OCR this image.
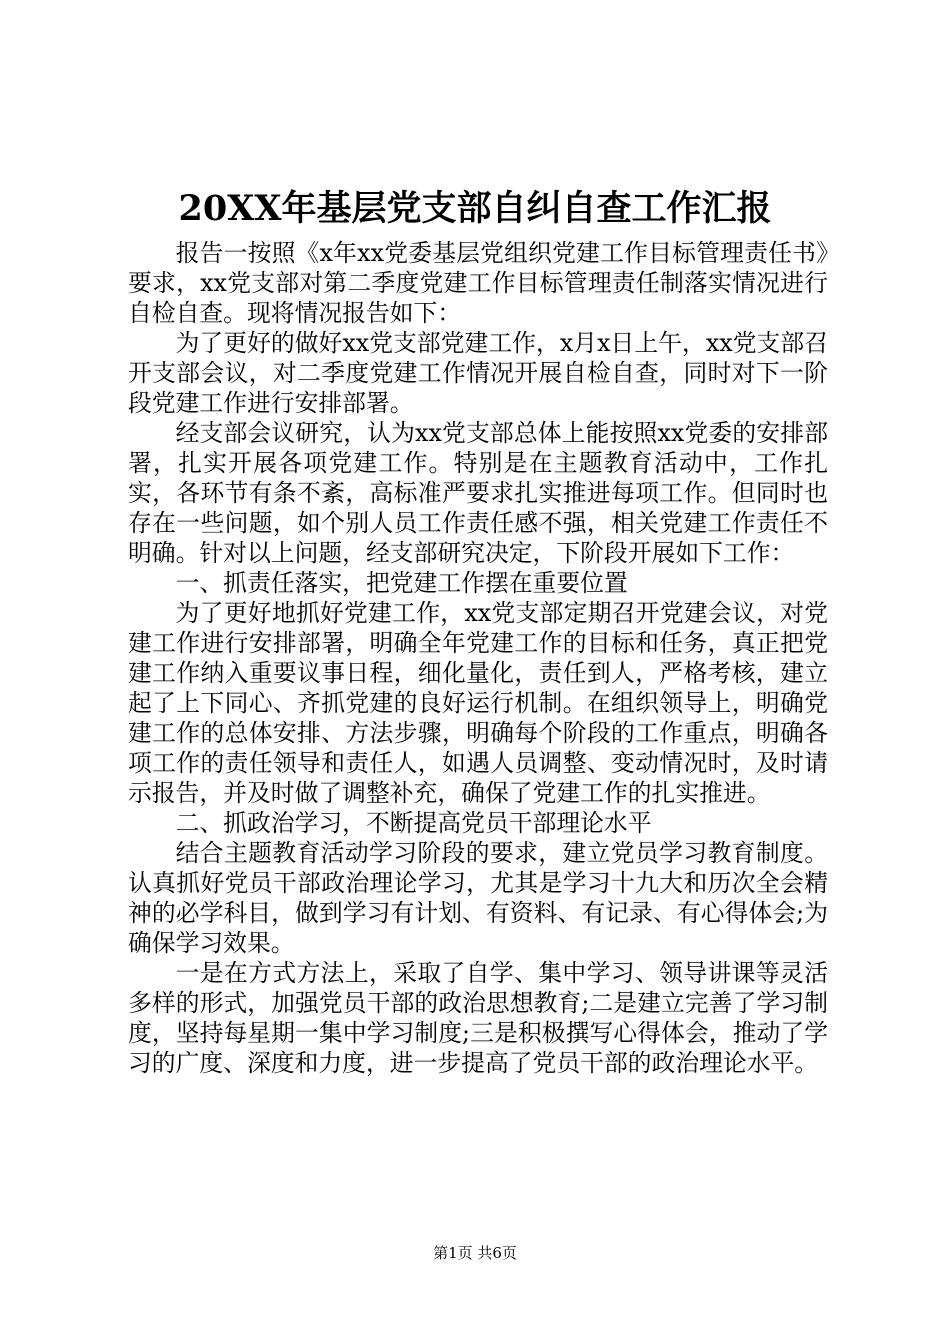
20XX年基层党支部自纠自查工作汇报

报告一按照《x年xx党委基层党组织党建工作目标管理责任书》要求，xx党支部对第二季度党建工作目标管理责任制落实情况进行自检自查。现将情况报告如下：

为了更好的做好xx党支部党建工作，x月x日上午，xx党支部召开支部会议，对二季度党建工作情况开展自检自查，同时对下一阶段党建工作进行安排部署。

经支部会议研究，认为xx党支部总体上能按照xx党委的安排部署，扎实开展各项党建工作。特别是在主题教育活动中，工作扎实，各环节有条不紊，高标准严要求扎实推进每项工作。但同时也存在一些问题，如个别人员工作责任感不强，相关党建工作责任不明确。针对以上问题，经支部研究决定，下阶段开展如下工作：

一、抓责任落实，把党建工作摆在重要位置

为了更好地抓好党建工作，xx党支部定期召开党建会议，对党建工作进行安排部署，明确全年党建工作的目标和任务，真正把党建工作纳入重要议事日程，细化量化，责任到人，严格考核，建立起了上下同心、齐抓党建的良好运行机制。在组织领导上，明确党建工作的总体安排、方法步骤，明确每个阶段的工作重点，明确各项工作的责任领导和责任人，如遇人员调整、变动情况时，及时请示报告，并及时做了调整补充，确保了党建工作的扎实推进。

二、抓政治学习，不断提高党员干部理论水平

结合主题教育活动学习阶段的要求，建立党员学习教育制度。认真抓好党员干部政治理论学习，尤其是学习十九大和历次全会精神的必学科目，做到学习有计划、有资料、有记录、有心得体会;为确保学习效果。

一是在方式方法上，采取了自学、集中学习、领导讲课等灵活多样的形式，加强党员干部的政治思想教育;二是建立完善了学习制度，坚持每星期一集中学习制度;三是积极撰写心得体会，推动了学习的广度、深度和力度，进一步提高了党员干部的政治理论水平。

第1页 共6页
